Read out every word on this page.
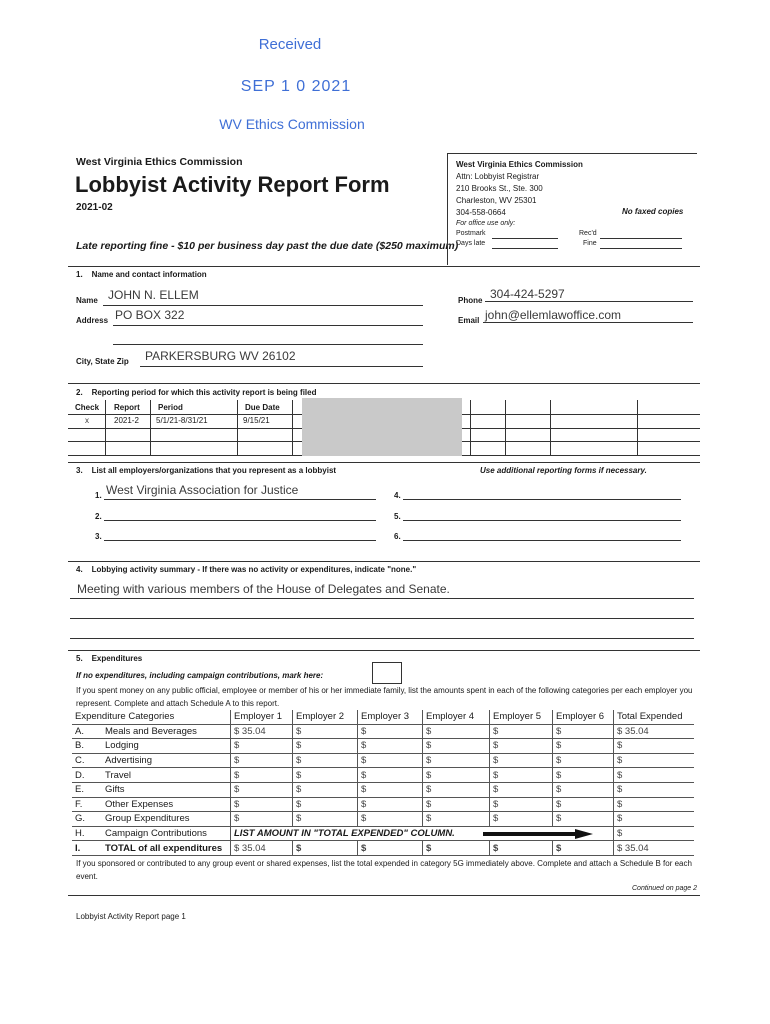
Received
SEP 1 0 2021
WV Ethics Commission
West Virginia Ethics Commission
Lobbyist Activity Report Form
2021-02
Late reporting fine - $10 per business day past the due date ($250 maximum)
West Virginia Ethics Commission
Attn: Lobbyist Registrar
210 Brooks St., Ste. 300
Charleston, WV 25301
304-558-0664	No faxed copies
For office use only:
Postmark	Rec'd
Days late	Fine
1.    Name and contact information
Name JOHN N. ELLEM
Address PO BOX 322
City, State Zip PARKERSBURG WV 26102
Phone 304-424-5297
Email john@ellemlawoffice.com
2.    Reporting period for which this activity report is being filed
Check Report Period	Due Date
x	2021-2 5/1/21-8/31/21	9/15/21
3.    List all employers/organizations that you represent as a lobbyist	Use additional reporting forms if necessary.
1. West Virginia Association for Justice
2.
3.
4.
5.
6.
4.    Lobbying activity summary - If there was no activity or expenditures, indicate "none."
Meeting with various members of the House of Delegates and Senate.
5.    Expenditures
If no expenditures, including campaign contributions, mark here:
If you spent money on any public official, employee or member of his or her immediate family, list the amounts spent in each of the following categories per each employer you represent. Complete and attach Schedule A to this report.
Expenditure Categories	Employer 1	Employer 2	Employer 3	Employer 4	Employer 5	Employer 6	Total Expended
A. Meals and Beverages	$ 35.04	$	$	$	$	$	$ 35.04
B. Lodging	$	$	$	$	$	$	$
C. Advertising	$	$	$	$	$	$	$
D. Travel	$	$	$	$	$	$	$
E. Gifts	$	$	$	$	$	$	$
F. Other Expenses	$	$	$	$	$	$	$
G. Group Expenditures	$	$	$	$	$	$	$
H. Campaign Contributions	LIST AMOUNT IN "TOTAL EXPENDED" COLUMN.						$
I. TOTAL of all expenditures	$ 35.04	$	$	$	$	$	$ 35.04
If you sponsored or contributed to any group event or shared expenses, list the total expended in category 5G immediately above. Complete and attach a Schedule B for each event.
Continued on page 2
Lobbyist Activity Report page 1
